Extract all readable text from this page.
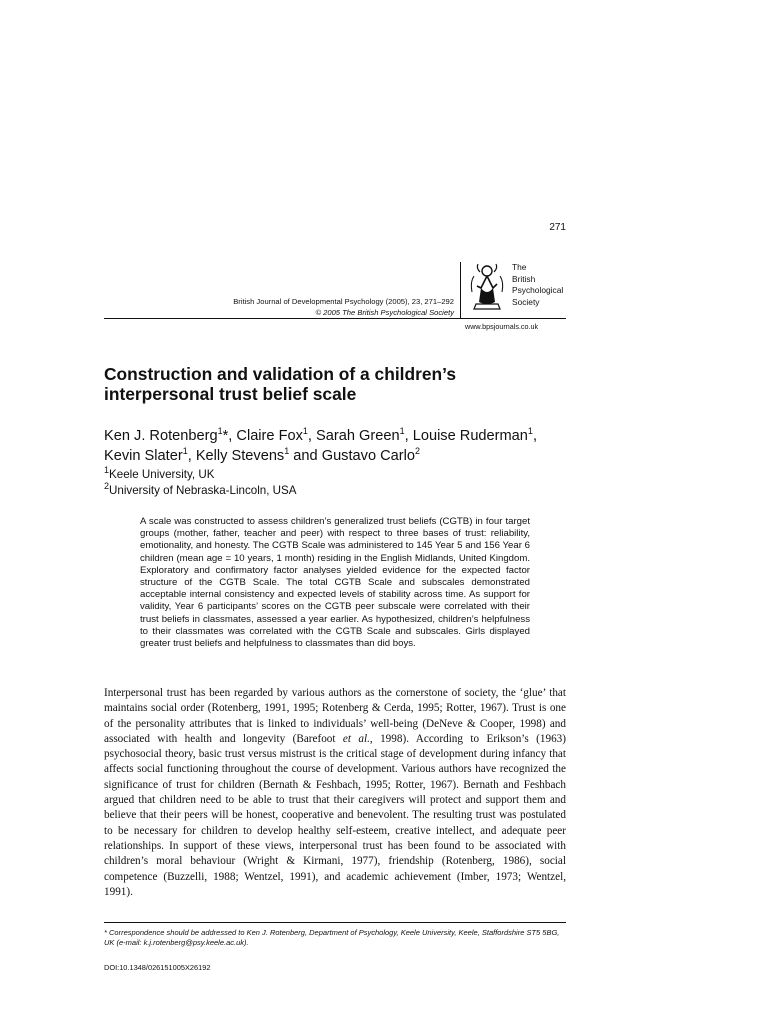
271
British Journal of Developmental Psychology (2005), 23, 271–292
© 2005 The British Psychological Society
The
British
Psychological
Society
www.bpsjournals.co.uk
Construction and validation of a children’s
interpersonal trust belief scale
Ken J. Rotenberg$^1$*, Claire Fox$^1$, Sarah Green$^1$, Louise Ruderman$^1$,
Kevin Slater$^1$, Kelly Stevens$^1$ and Gustavo Carlo$^2$
$^1$Keele University, UK
$^2$University of Nebraska-Lincoln, USA
A scale was constructed to assess children’s generalized trust beliefs (CGTB) in four target groups (mother, father, teacher and peer) with respect to three bases of trust: reliability, emotionality, and honesty. The CGTB Scale was administered to 145 Year 5 and 156 Year 6 children (mean age = 10 years, 1 month) residing in the English Midlands, United Kingdom. Exploratory and confirmatory factor analyses yielded evidence for the expected factor structure of the CGTB Scale. The total CGTB Scale and subscales demonstrated acceptable internal consistency and expected levels of stability across time. As support for validity, Year 6 participants’ scores on the CGTB peer subscale were correlated with their trust beliefs in classmates, assessed a year earlier. As hypothesized, children’s helpfulness to their classmates was correlated with the CGTB Scale and subscales. Girls displayed greater trust beliefs and helpfulness to classmates than did boys.
Interpersonal trust has been regarded by various authors as the cornerstone of society, the ‘glue’ that maintains social order (Rotenberg, 1991, 1995; Rotenberg & Cerda, 1995; Rotter, 1967). Trust is one of the personality attributes that is linked to individuals’ well-being (DeNeve & Cooper, 1998) and associated with health and longevity (Barefoot et al., 1998). According to Erikson’s (1963) psychosocial theory, basic trust versus mistrust is the critical stage of development during infancy that affects social functioning throughout the course of development. Various authors have recognized the significance of trust for children (Bernath & Feshbach, 1995; Rotter, 1967). Bernath and Feshbach argued that children need to be able to trust that their caregivers will protect and support them and believe that their peers will be honest, cooperative and benevolent. The resulting trust was postulated to be necessary for children to develop healthy self-esteem, creative intellect, and adequate peer relationships. In support of these views, interpersonal trust has been found to be associated with children’s moral behaviour (Wright & Kirmani, 1977), friendship (Rotenberg, 1986), social competence (Buzzelli, 1988; Wentzel, 1991), and academic achievement (Imber, 1973; Wentzel, 1991).
* Correspondence should be addressed to Ken J. Rotenberg, Department of Psychology, Keele University, Keele, Staffordshire ST5 5BG, UK (e-mail: k.j.rotenberg@psy.keele.ac.uk).
DOI:10.1348/026151005X26192
